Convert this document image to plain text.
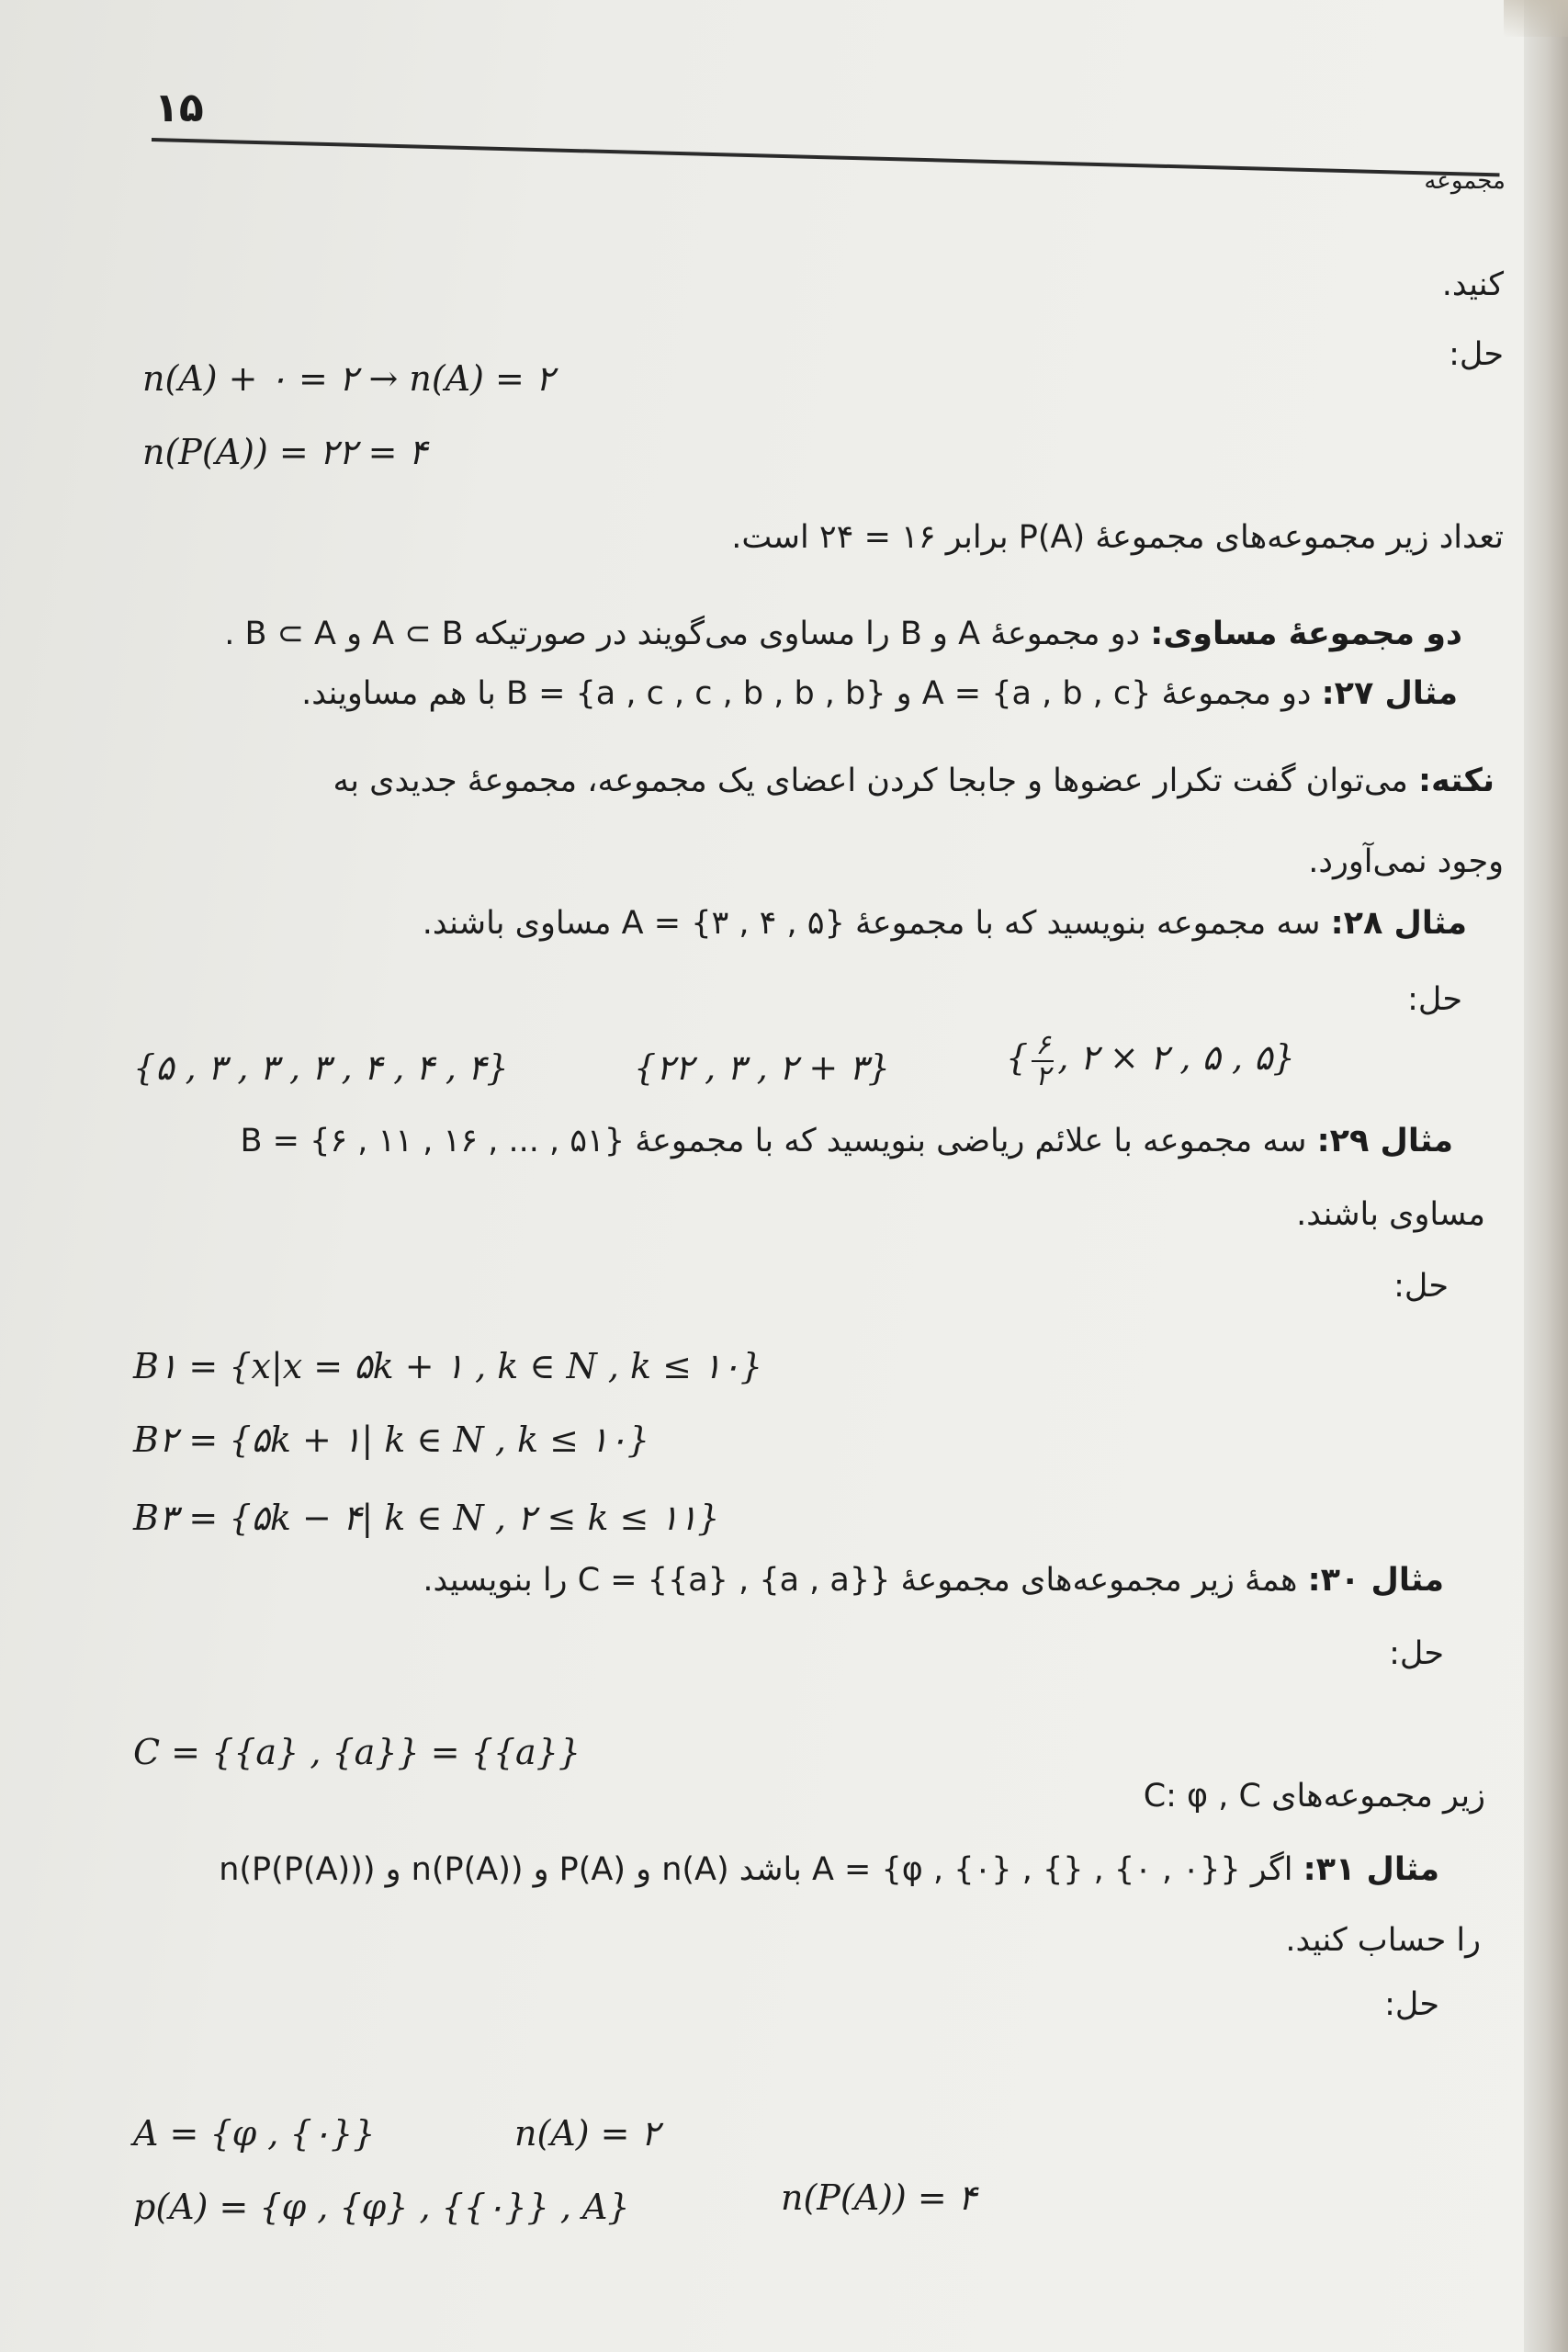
۱۵
مجموعه
کنید.
حل:
n(A) + ۰ = ۲ → n(A) = ۲
n(P(A)) = ۲۲ = ۴
تعداد زیر مجموعه‌های مجموعهٔ P(A) برابر ۱۶ = ۲۴ است.
دو مجموعهٔ مساوی: دو مجموعهٔ A و B را مساوی می‌گویند در صورتیکه A ⊂ B و B ⊂ A .
مثال ۲۷: دو مجموعهٔ A = {a , b , c} و B = {a , c , c , b , b , b} با هم مساویند.
نکته: می‌توان گفت تکرار عضوها و جابجا کردن اعضای یک مجموعه، مجموعهٔ جدیدی به
وجود نمی‌آورد.
مثال ۲۸: سه مجموعه بنویسید که با مجموعهٔ A = {۳ , ۴ , ۵} مساوی باشند.
حل:
{۵ , ۳ , ۳ , ۳ , ۴ , ۴ , ۴}	{۲۲ , ۳ , ۲ + ۳}	{ $\frac{۶}{۲}$ , ۲ × ۲ , ۵ , ۵}
مثال ۲۹: سه مجموعه با علائم ریاضی بنویسید که با مجموعهٔ B = {۶ , ۱۱ , ۱۶ , ... , ۵۱}
مساوی باشند.
حل:
B۱ = {x|x = ۵k + ۱ , k ∈ N , k ≤ ۱۰}
B۲ = {۵k + ۱| k ∈ N , k ≤ ۱۰}
B۳ = {۵k − ۴| k ∈ N , ۲ ≤ k ≤ ۱۱}
مثال ۳۰: همهٔ زیر مجموعه‌های مجموعهٔ C = {{a} , {a , a}} را بنویسید.
حل:
C = {{a} , {a}} = {{a}}
زیر مجموعه‌های C: φ , C
مثال ۳۱: اگر A = {φ , {۰} , {} , {۰ , ۰}} باشد n(A) و P(A) و n(P(A)) و n(P(P(A)))
را حساب کنید.
حل:
A = {φ , {۰}}	n(A) = ۲
p(A) = {φ , {φ} , {{۰}} , A}	n(P(A)) = ۴
